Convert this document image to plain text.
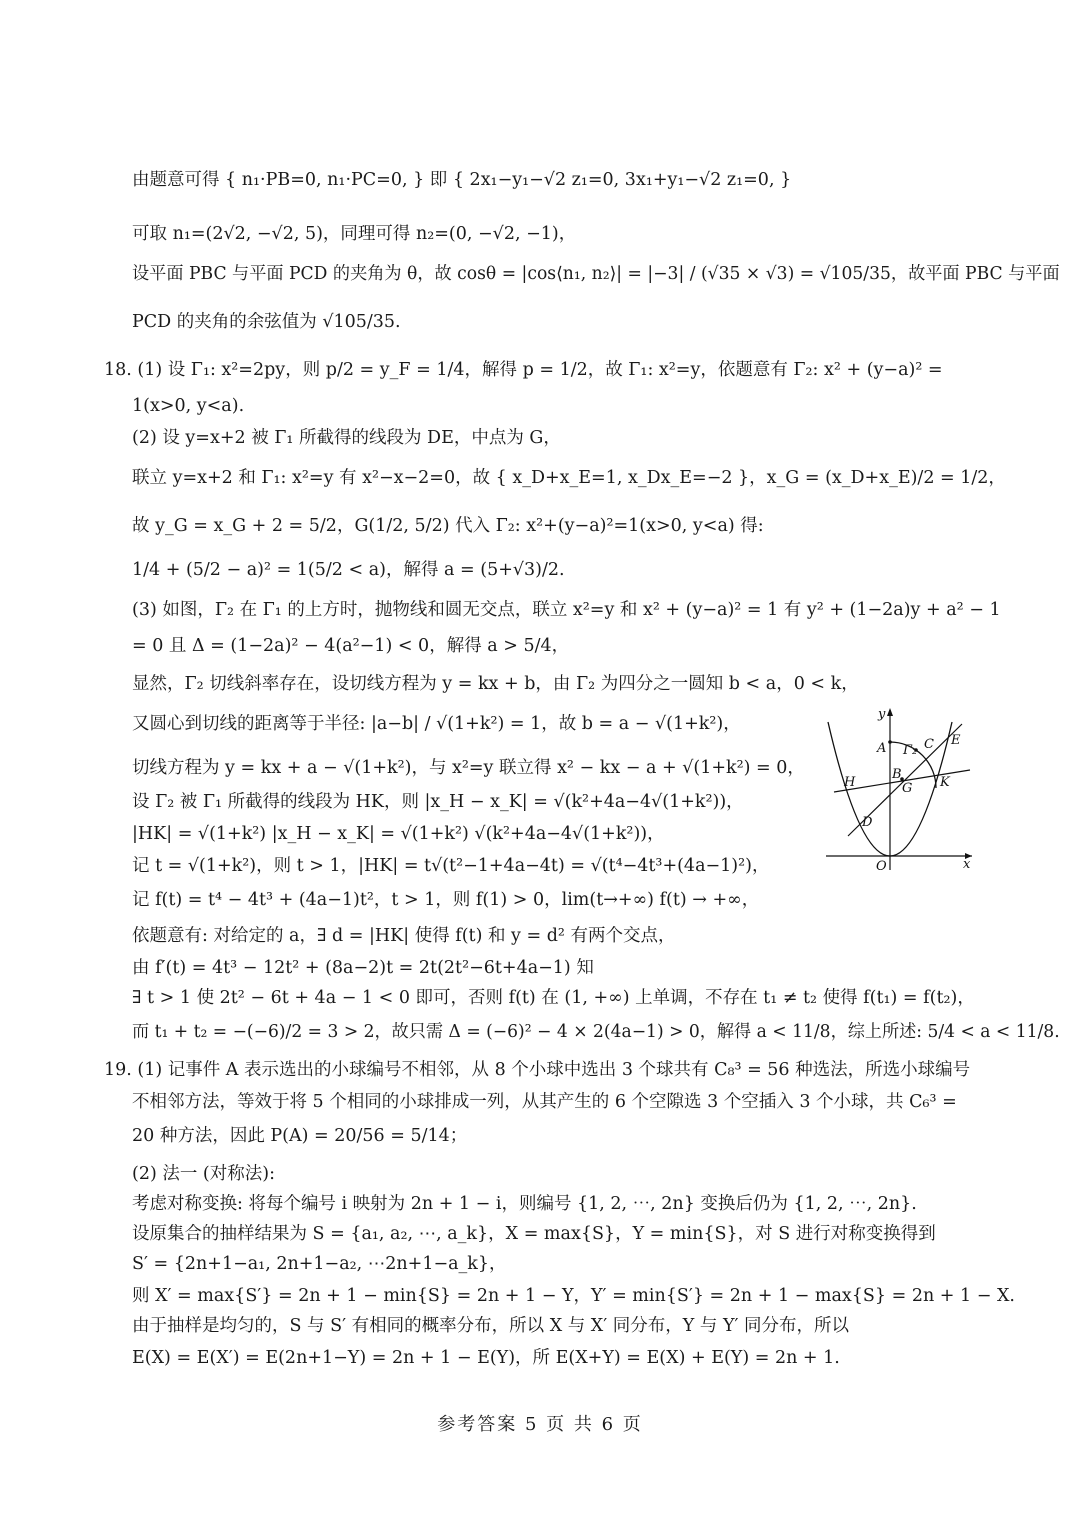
由题意可得 { n₁·PB=0, n₁·PC=0, } 即 { 2x₁−y₁−√2 z₁=0, 3x₁+y₁−√2 z₁=0, }
可取 n₁=(2√2, −√2, 5)，同理可得 n₂=(0, −√2, −1)，
设平面 PBC 与平面 PCD 的夹角为 θ，故 cosθ = |cos⟨n₁, n₂⟩| = |−3| / (√35 × √3) = √105/35，故平面 PBC 与平面
PCD 的夹角的余弦值为 √105/35.
18. (1) 设 Γ₁: x²=2py，则 p/2 = y_F = 1/4，解得 p = 1/2，故 Γ₁: x²=y，依题意有 Γ₂: x² + (y−a)² =
1(x>0, y<a).
(2) 设 y=x+2 被 Γ₁ 所截得的线段为 DE，中点为 G，
联立 y=x+2 和 Γ₁: x²=y 有 x²−x−2=0，故 { x_D+x_E=1, x_Dx_E=−2 }，x_G = (x_D+x_E)/2 = 1/2，
故 y_G = x_G + 2 = 5/2，G(1/2, 5/2) 代入 Γ₂: x²+(y−a)²=1(x>0, y<a) 得:
1/4 + (5/2 − a)² = 1(5/2 < a)，解得 a = (5+√3)/2.
(3) 如图，Γ₂ 在 Γ₁ 的上方时，抛物线和圆无交点，联立 x²=y 和 x² + (y−a)² = 1 有 y² + (1−2a)y + a² − 1
= 0 且 Δ = (1−2a)² − 4(a²−1) < 0，解得 a > 5/4，
显然，Γ₂ 切线斜率存在，设切线方程为 y = kx + b，由 Γ₂ 为四分之一圆知 b < a，0 < k，
又圆心到切线的距离等于半径: |a−b| / √(1+k²) = 1，故 b = a − √(1+k²)，
切线方程为 y = kx + a − √(1+k²)，与 x²=y 联立得 x² − kx − a + √(1+k²) = 0，
设 Γ₂ 被 Γ₁ 所截得的线段为 HK，则 |x_H − x_K| = √(k²+4a−4√(1+k²))，
|HK| = √(1+k²) |x_H − x_K| = √(1+k²) √(k²+4a−4√(1+k²))，
记 t = √(1+k²)，则 t > 1，|HK| = t√(t²−1+4a−4t) = √(t⁴−4t³+(4a−1)²)，
记 f(t) = t⁴ − 4t³ + (4a−1)t²，t > 1，则 f(1) > 0，lim(t→+∞) f(t) → +∞，
依题意有: 对给定的 a，∃ d = |HK| 使得 f(t) 和 y = d² 有两个交点，
由 f′(t) = 4t³ − 12t² + (8a−2)t = 2t(2t²−6t+4a−1) 知
∃ t > 1 使 2t² − 6t + 4a − 1 < 0 即可，否则 f(t) 在 (1, +∞) 上单调，不存在 t₁ ≠ t₂ 使得 f(t₁) = f(t₂)，
而 t₁ + t₂ = −(−6)/2 = 3 > 2，故只需 Δ = (−6)² − 4 × 2(4a−1) > 0，解得 a < 11/8，综上所述: 5/4 < a < 11/8.
19. (1) 记事件 A 表示选出的小球编号不相邻，从 8 个小球中选出 3 个球共有 C₈³ = 56 种选法，所选小球编号
不相邻方法，等效于将 5 个相同的小球排成一列，从其产生的 6 个空隙选 3 个空插入 3 个小球，共 C₆³ =
20 种方法，因此 P(A) = 20/56 = 5/14；
(2) 法一 (对称法):
考虑对称变换: 将每个编号 i 映射为 2n + 1 − i，则编号 {1, 2, ⋯, 2n} 变换后仍为 {1, 2, ⋯, 2n}.
设原集合的抽样结果为 S = {a₁, a₂, ⋯, a_k}，X = max{S}，Y = min{S}，对 S 进行对称变换得到
S′ = {2n+1−a₁, 2n+1−a₂, ⋯2n+1−a_k}，
则 X′ = max{S′} = 2n + 1 − min{S} = 2n + 1 − Y，Y′ = min{S′} = 2n + 1 − max{S} = 2n + 1 − X.
由于抽样是均匀的，S 与 S′ 有相同的概率分布，所以 X 与 X′ 同分布，Y 与 Y′ 同分布，所以
E(X) = E(X′) = E(2n+1−Y) = 2n + 1 − E(Y)，所 E(X+Y) = E(X) + E(Y) = 2n + 1.
y
x
O
A Γ₂ C E
B
H	G K
D
参考答案 5 页 共 6 页
